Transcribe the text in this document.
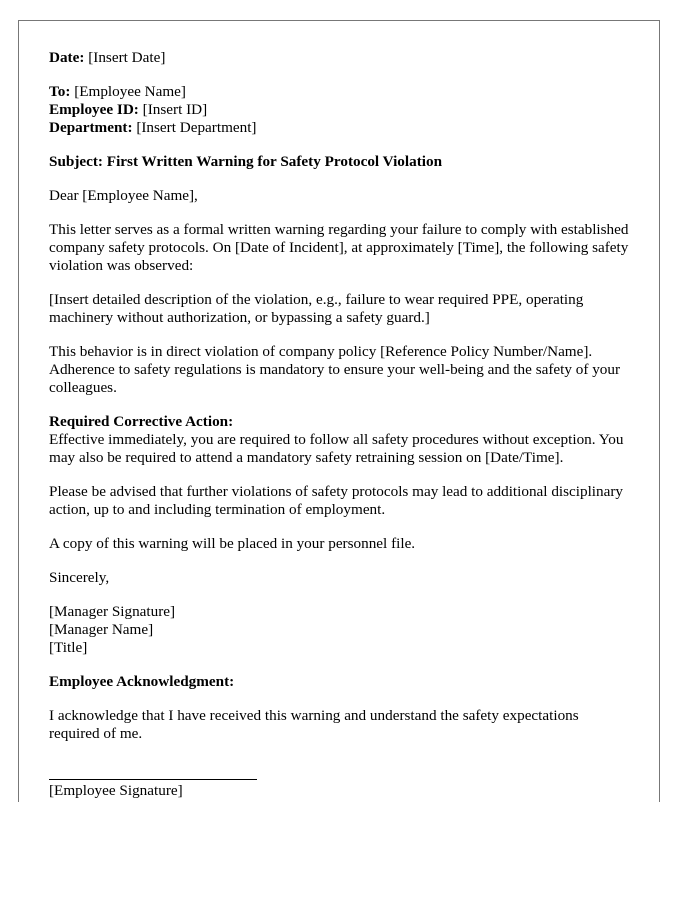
Date: [Insert Date]
To: [Employee Name]
Employee ID: [Insert ID]
Department: [Insert Department]

Subject: First Written Warning for Safety Protocol Violation

Dear [Employee Name],

This letter serves as a formal written warning regarding your failure to comply with established company safety protocols. On [Date of Incident], at approximately [Time], the following safety violation was observed:

[Insert detailed description of the violation, e.g., failure to wear required PPE, operating machinery without authorization, or bypassing a safety guard.]

This behavior is in direct violation of company policy [Reference Policy Number/Name]. Adherence to safety regulations is mandatory to ensure your well-being and the safety of your colleagues.

Required Corrective Action:

Effective immediately, you are required to follow all safety procedures without exception. You may also be required to attend a mandatory safety retraining session on [Date/Time].

Please be advised that further violations of safety protocols may lead to additional disciplinary action, up to and including termination of employment.

A copy of this warning will be placed in your personnel file.

Sincerely,

[Manager Signature]
[Manager Name]
[Title]

Employee Acknowledgment:

I acknowledge that I have received this warning and understand the safety expectations required of me.

[Employee Signature]
